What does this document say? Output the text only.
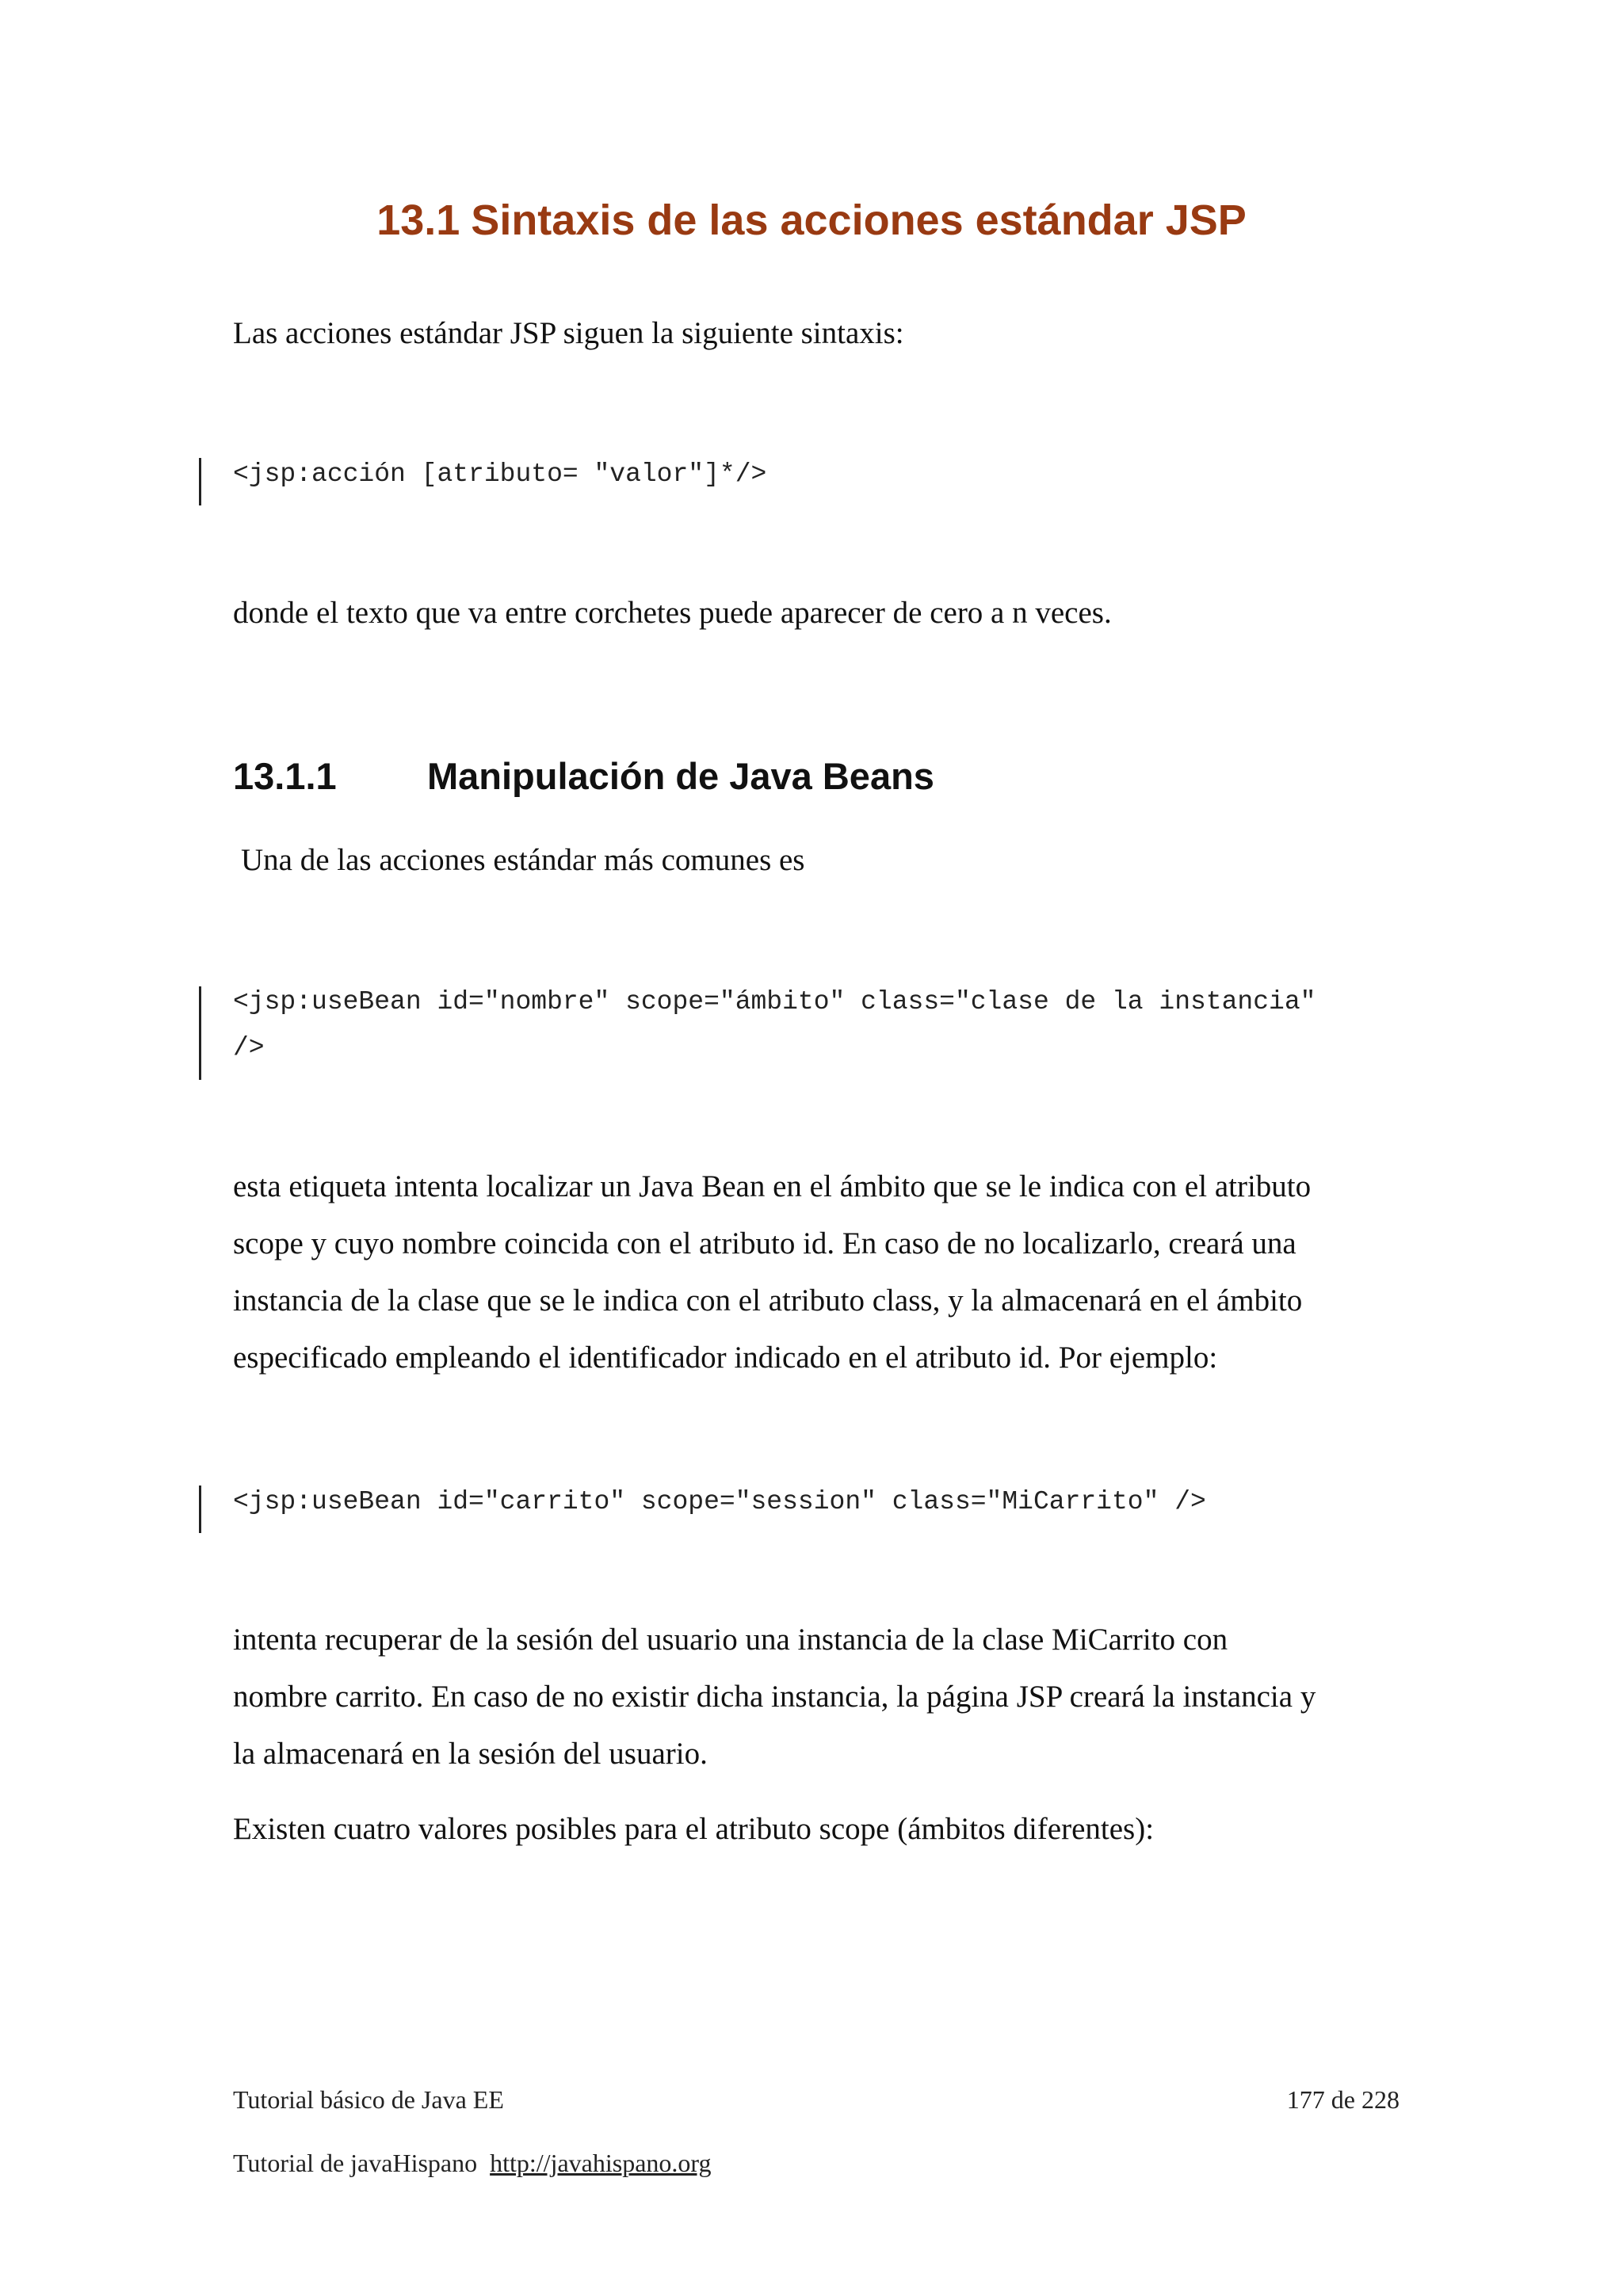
13.1 Sintaxis de las acciones estándar JSP

Las acciones estándar JSP siguen la siguiente sintaxis:

<jsp:acción [atributo= "valor"]*/>

donde el texto que va entre corchetes puede aparecer de cero a n veces.

13.1.1 Manipulación de Java Beans

Una de las acciones estándar más comunes es

<jsp:useBean id="nombre" scope="ámbito" class="clase de la instancia"
/>
esta etiqueta intenta localizar un Java Bean en el ámbito que se le indica con el atributo
scope y cuyo nombre coincida con el atributo id. En caso de no localizarlo, creará una
instancia de la clase que se le indica con el atributo class, y la almacenará en el ámbito
especificado empleando el identificador indicado en el atributo id. Por ejemplo:
<jsp:useBean id="carrito" scope="session" class="MiCarrito" />
intenta recuperar de la sesión del usuario una instancia de la clase MiCarrito con
nombre carrito. En caso de no existir dicha instancia, la página JSP creará la instancia y
la almacenará en la sesión del usuario.

Existen cuatro valores posibles para el atributo scope (ámbitos diferentes):

Tutorial básico de Java EE	177 de 228
Tutorial de javaHispano http://javahispano.org
